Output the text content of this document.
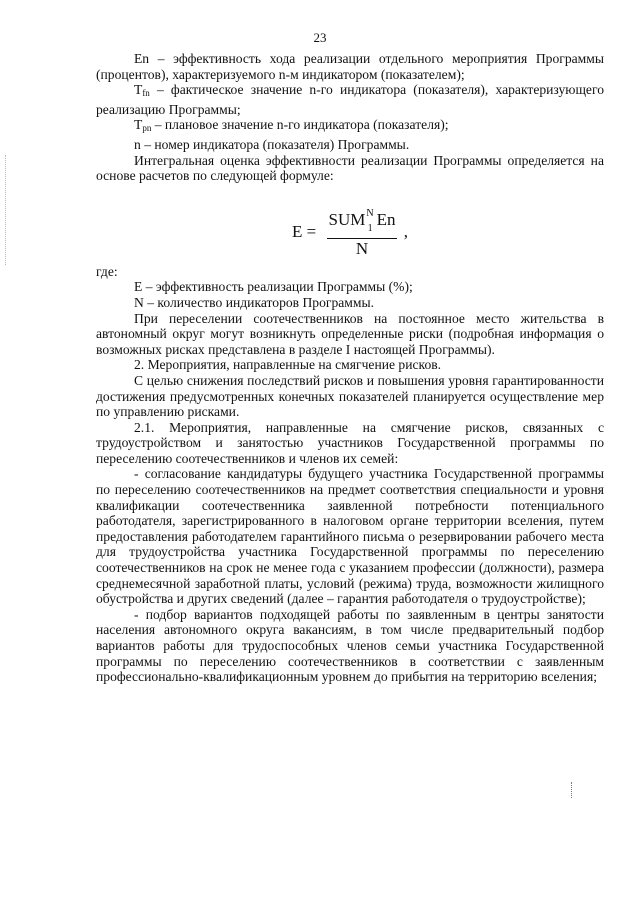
23

En – эффективность хода реализации отдельного мероприятия Программы (процентов), характеризуемого n-м индикатором (показателем);

$Т_{fn}$ – фактическое значение n-го индикатора (показателя), характеризующего реализацию Программы;

$Т_{pn}$ – плановое значение n-го индикатора (показателя);

n – номер индикатора (показателя) Программы.

Интегральная оценка эффективности реализации Программы определяется на основе расчетов по следующей формуле:

$E = \frac{SUM^N_1 En}{N}$ ,

где:

Е – эффективность реализации Программы (%);

N – количество индикаторов Программы.

При переселении соотечественников на постоянное место жительства в автономный округ могут возникнуть определенные риски (подробная информация о возможных рисках представлена в разделе I настоящей Программы).

2. Мероприятия, направленные на смягчение рисков.

С целью снижения последствий рисков и повышения уровня гарантированности достижения предусмотренных конечных показателей планируется осуществление мер по управлению рисками.

2.1. Мероприятия, направленные на смягчение рисков, связанных с трудоустройством и занятостью участников Государственной программы по переселению соотечественников и членов их семей:

- согласование кандидатуры будущего участника Государственной программы по переселению соотечественников на предмет соответствия специальности и уровня квалификации соотечественника заявленной потребности потенциального работодателя, зарегистрированного в налоговом органе территории вселения, путем предоставления работодателем гарантийного письма о резервировании рабочего места для трудоустройства участника Государственной программы по переселению соотечественников на срок не менее года с указанием профессии (должности), размера среднемесячной заработной платы, условий (режима) труда, возможности жилищного обустройства и других сведений (далее – гарантия работодателя о трудоустройстве);

- подбор вариантов подходящей работы по заявленным в центры занятости населения автономного округа вакансиям, в том числе предварительный подбор вариантов работы для трудоспособных членов семьи участника Государственной программы по переселению соотечественников в соответствии с заявленным профессионально-квалификационным уровнем до прибытия на территорию вселения;
